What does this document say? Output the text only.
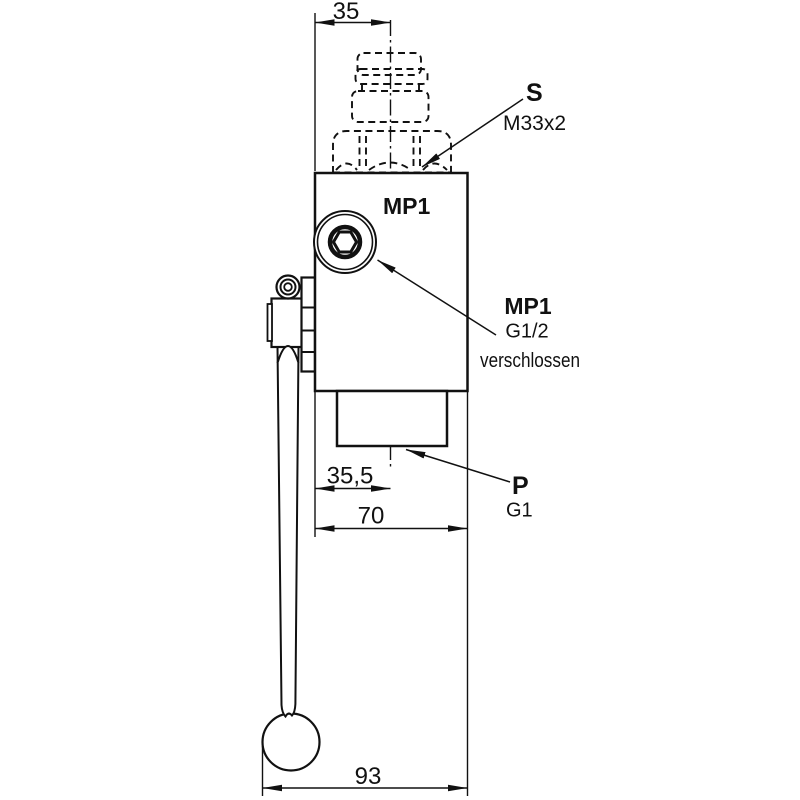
35
35,5
70
93
S
M33x2
MP1
MP1
G1/2
verschlossen
P
G1
